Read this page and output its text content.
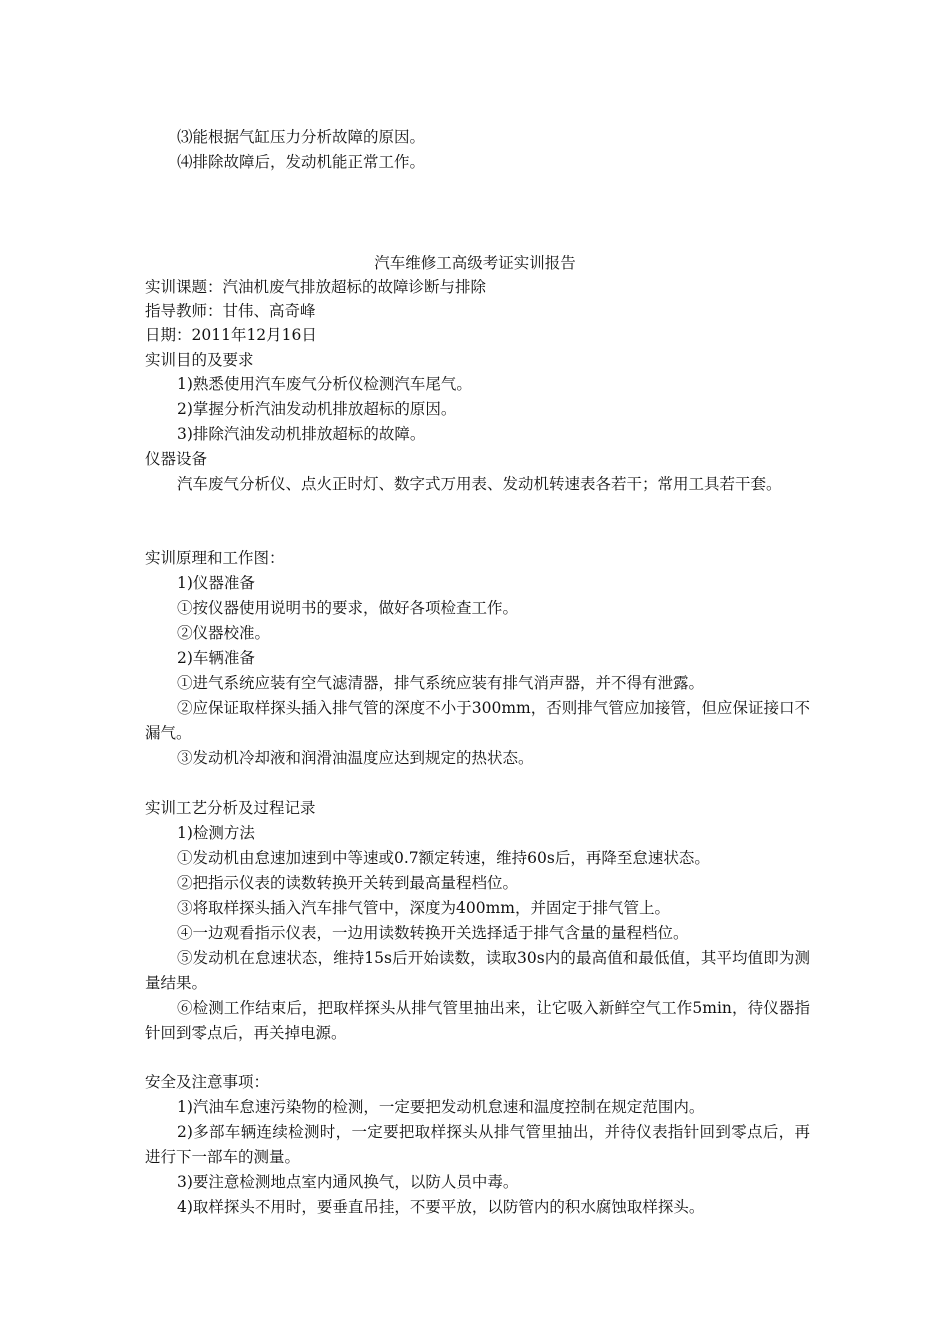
⑶能根据气缸压力分析故障的原因。
⑷排除故障后，发动机能正常工作。
汽车维修工高级考证实训报告
实训课题：汽油机废气排放超标的故障诊断与排除
指导教师：甘伟、高奇峰
日期：2011年12月16日
实训目的及要求
1)熟悉使用汽车废气分析仪检测汽车尾气。
2)掌握分析汽油发动机排放超标的原因。
3)排除汽油发动机排放超标的故障。
仪器设备
汽车废气分析仪、点火正时灯、数字式万用表、发动机转速表各若干；常用工具若干套。
实训原理和工作图：
1)仪器准备
①按仪器使用说明书的要求，做好各项检查工作。
②仪器校准。
2)车辆准备
①进气系统应装有空气滤清器，排气系统应装有排气消声器，并不得有泄露。
②应保证取样探头插入排气管的深度不小于300mm，否则排气管应加接管，但应保证接口不漏气。
③发动机冷却液和润滑油温度应达到规定的热状态。
实训工艺分析及过程记录
1)检测方法
①发动机由怠速加速到中等速或0.7额定转速，维持60s后，再降至怠速状态。
②把指示仪表的读数转换开关转到最高量程档位。
③将取样探头插入汽车排气管中，深度为400mm，并固定于排气管上。
④一边观看指示仪表，一边用读数转换开关选择适于排气含量的量程档位。
⑤发动机在怠速状态，维持15s后开始读数，读取30s内的最高值和最低值，其平均值即为测量结果。
⑥检测工作结束后，把取样探头从排气管里抽出来，让它吸入新鲜空气工作5min，待仪器指针回到零点后，再关掉电源。
安全及注意事项：
1)汽油车怠速污染物的检测，一定要把发动机怠速和温度控制在规定范围内。
2)多部车辆连续检测时，一定要把取样探头从排气管里抽出，并待仪表指针回到零点后，再进行下一部车的测量。
3)要注意检测地点室内通风换气，以防人员中毒。
4)取样探头不用时，要垂直吊挂，不要平放，以防管内的积水腐蚀取样探头。
